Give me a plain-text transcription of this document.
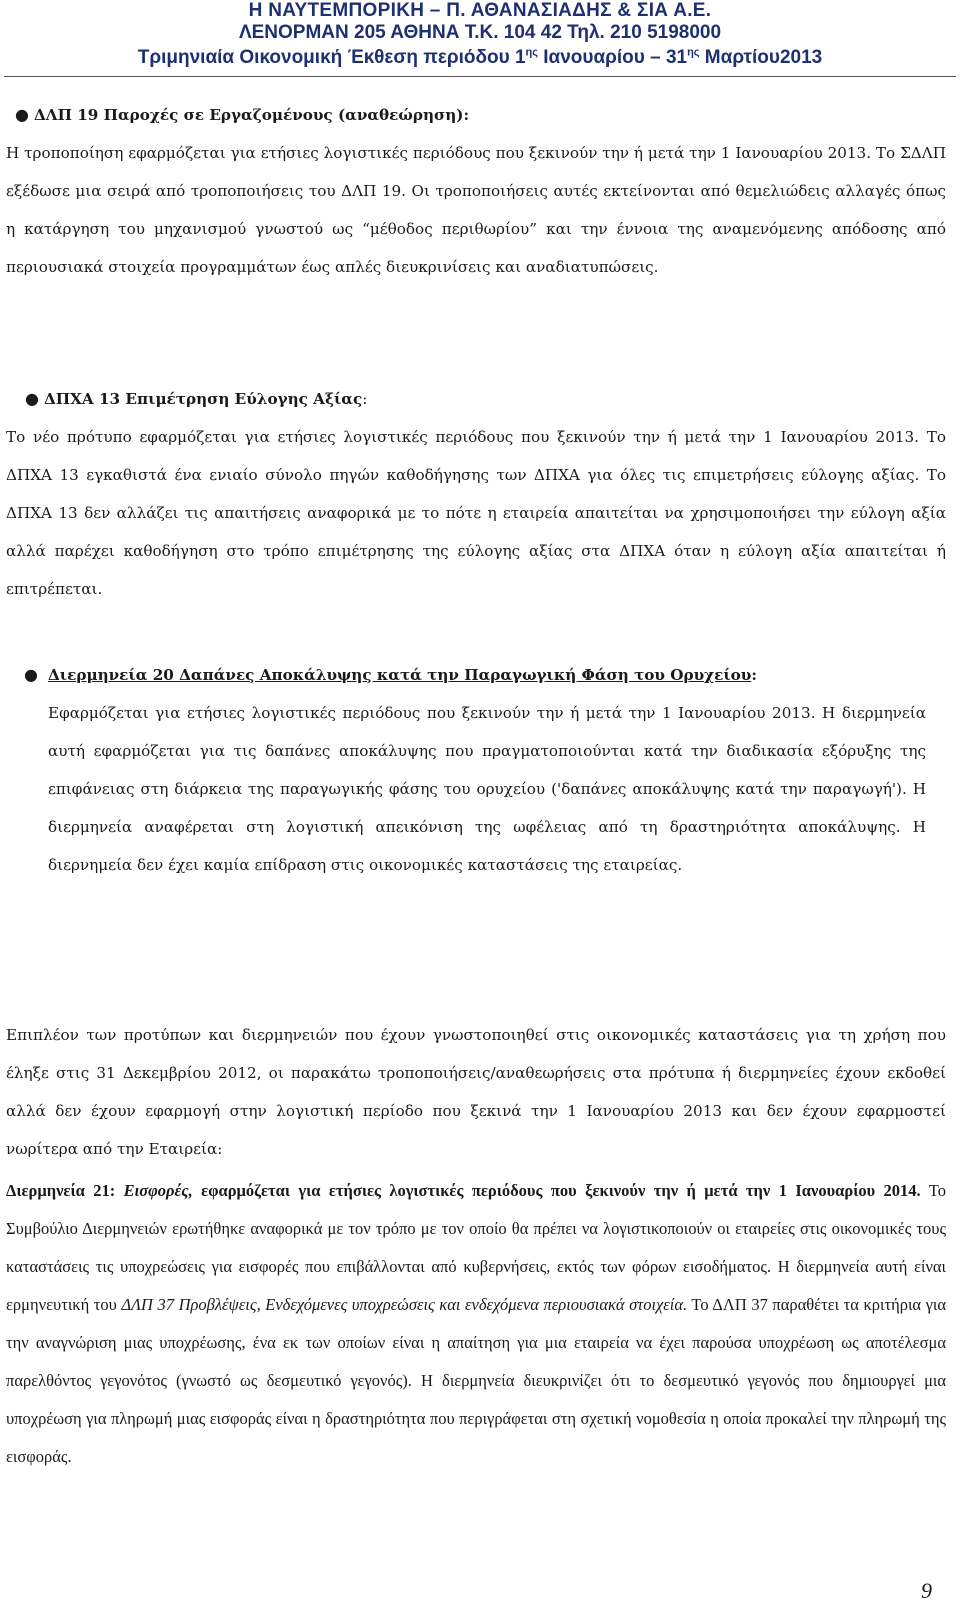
Η ΝΑΥΤΕΜΠΟΡΙΚΗ – Π. ΑΘΑΝΑΣΙΑΔΗΣ & ΣΙΑ Α.Ε.
ΛΕΝΟΡΜΑΝ 205 ΑΘΗΝΑ Τ.Κ. 104 42 Τηλ. 210 5198000
Τριμηνιαία Οικονομική Έκθεση περιόδου $1^{\eta\varsigma}$ Ιανουαρίου – $31^{\eta\varsigma}$ Μαρτίου2013

● ΔΛΠ 19 Παροχές σε Εργαζομένους (αναθεώρηση):

Η τροποποίηση εφαρμόζεται για ετήσιες λογιστικές περιόδους που ξεκινούν την ή μετά την 1 Ιανουαρίου 2013. Το ΣΔΛΠ εξέδωσε μια σειρά από τροποποιήσεις του ΔΛΠ 19. Οι τροποποιήσεις αυτές εκτείνονται από θεμελιώδεις αλλαγές όπως η κατάργηση του μηχανισμού γνωστού ως “μέθοδος περιθωρίου” και την έννοια της αναμενόμενης απόδοσης από περιουσιακά στοιχεία προγραμμάτων έως απλές διευκρινίσεις και αναδιατυπώσεις.

● ΔΠΧΑ 13 Επιμέτρηση Εύλογης Αξίας:

Το νέο πρότυπο εφαρμόζεται για ετήσιες λογιστικές περιόδους που ξεκινούν την ή μετά την 1 Ιανουαρίου 2013. Το ΔΠΧΑ 13 εγκαθιστά ένα ενιαίο σύνολο πηγών καθοδήγησης των ΔΠΧΑ για όλες τις επιμετρήσεις εύλογης αξίας. Το ΔΠΧΑ 13 δεν αλλάζει τις απαιτήσεις αναφορικά με το πότε η εταιρεία απαιτείται να χρησιμοποιήσει την εύλογη αξία αλλά παρέχει καθοδήγηση στο τρόπο επιμέτρησης της εύλογης αξίας στα ΔΠΧΑ όταν η εύλογη αξία απαιτείται ή επιτρέπεται.

● Διερμηνεία 20 Δαπάνες Αποκάλυψης κατά την Παραγωγική Φάση του Ορυχείου:

Εφαρμόζεται για ετήσιες λογιστικές περιόδους που ξεκινούν την ή μετά την 1 Ιανουαρίου 2013. Η διερμηνεία αυτή εφαρμόζεται για τις δαπάνες αποκάλυψης που πραγματοποιούνται κατά την διαδικασία εξόρυξης της επιφάνειας στη διάρκεια της παραγωγικής φάσης του ορυχείου ('δαπάνες αποκάλυψης κατά την παραγωγή'). Η διερμηνεία αναφέρεται στη λογιστική απεικόνιση της ωφέλειας από τη δραστηριότητα αποκάλυψης. Η διερνημεία δεν έχει καμία επίδραση στις οικονομικές καταστάσεις της εταιρείας.

Επιπλέον των προτύπων και διερμηνειών που έχουν γνωστοποιηθεί στις οικονομικές καταστάσεις για τη χρήση που έληξε στις 31 Δεκεμβρίου 2012, οι παρακάτω τροποποιήσεις/αναθεωρήσεις στα πρότυπα ή διερμηνείες έχουν εκδοθεί αλλά δεν έχουν εφαρμογή στην λογιστική περίοδο που ξεκινά την 1 Ιανουαρίου 2013 και δεν έχουν εφαρμοστεί νωρίτερα από την Εταιρεία:

Διερμηνεία 21: Εισφορές, εφαρμόζεται για ετήσιες λογιστικές περιόδους που ξεκινούν την ή μετά την 1 Ιανουαρίου 2014. Το Συμβούλιο Διερμηνειών ερωτήθηκε αναφορικά με τον τρόπο με τον οποίο θα πρέπει να λογιστικοποιούν οι εταιρείες στις οικονομικές τους καταστάσεις τις υποχρεώσεις για εισφορές που επιβάλλονται από κυβερνήσεις, εκτός των φόρων εισοδήματος. Η διερμηνεία αυτή είναι ερμηνευτική του ΔΛΠ 37 Προβλέψεις, Ενδεχόμενες υποχρεώσεις και ενδεχόμενα περιουσιακά στοιχεία. Το ΔΛΠ 37 παραθέτει τα κριτήρια για την αναγνώριση μιας υποχρέωσης, ένα εκ των οποίων είναι η απαίτηση για μια εταιρεία να έχει παρούσα υποχρέωση ως αποτέλεσμα παρελθόντος γεγονότος (γνωστό ως δεσμευτικό γεγονός). Η διερμηνεία διευκρινίζει ότι το δεσμευτικό γεγονός που δημιουργεί μια υποχρέωση για πληρωμή μιας εισφοράς είναι η δραστηριότητα που περιγράφεται στη σχετική νομοθεσία η οποία προκαλεί την πληρωμή της εισφοράς.

9
